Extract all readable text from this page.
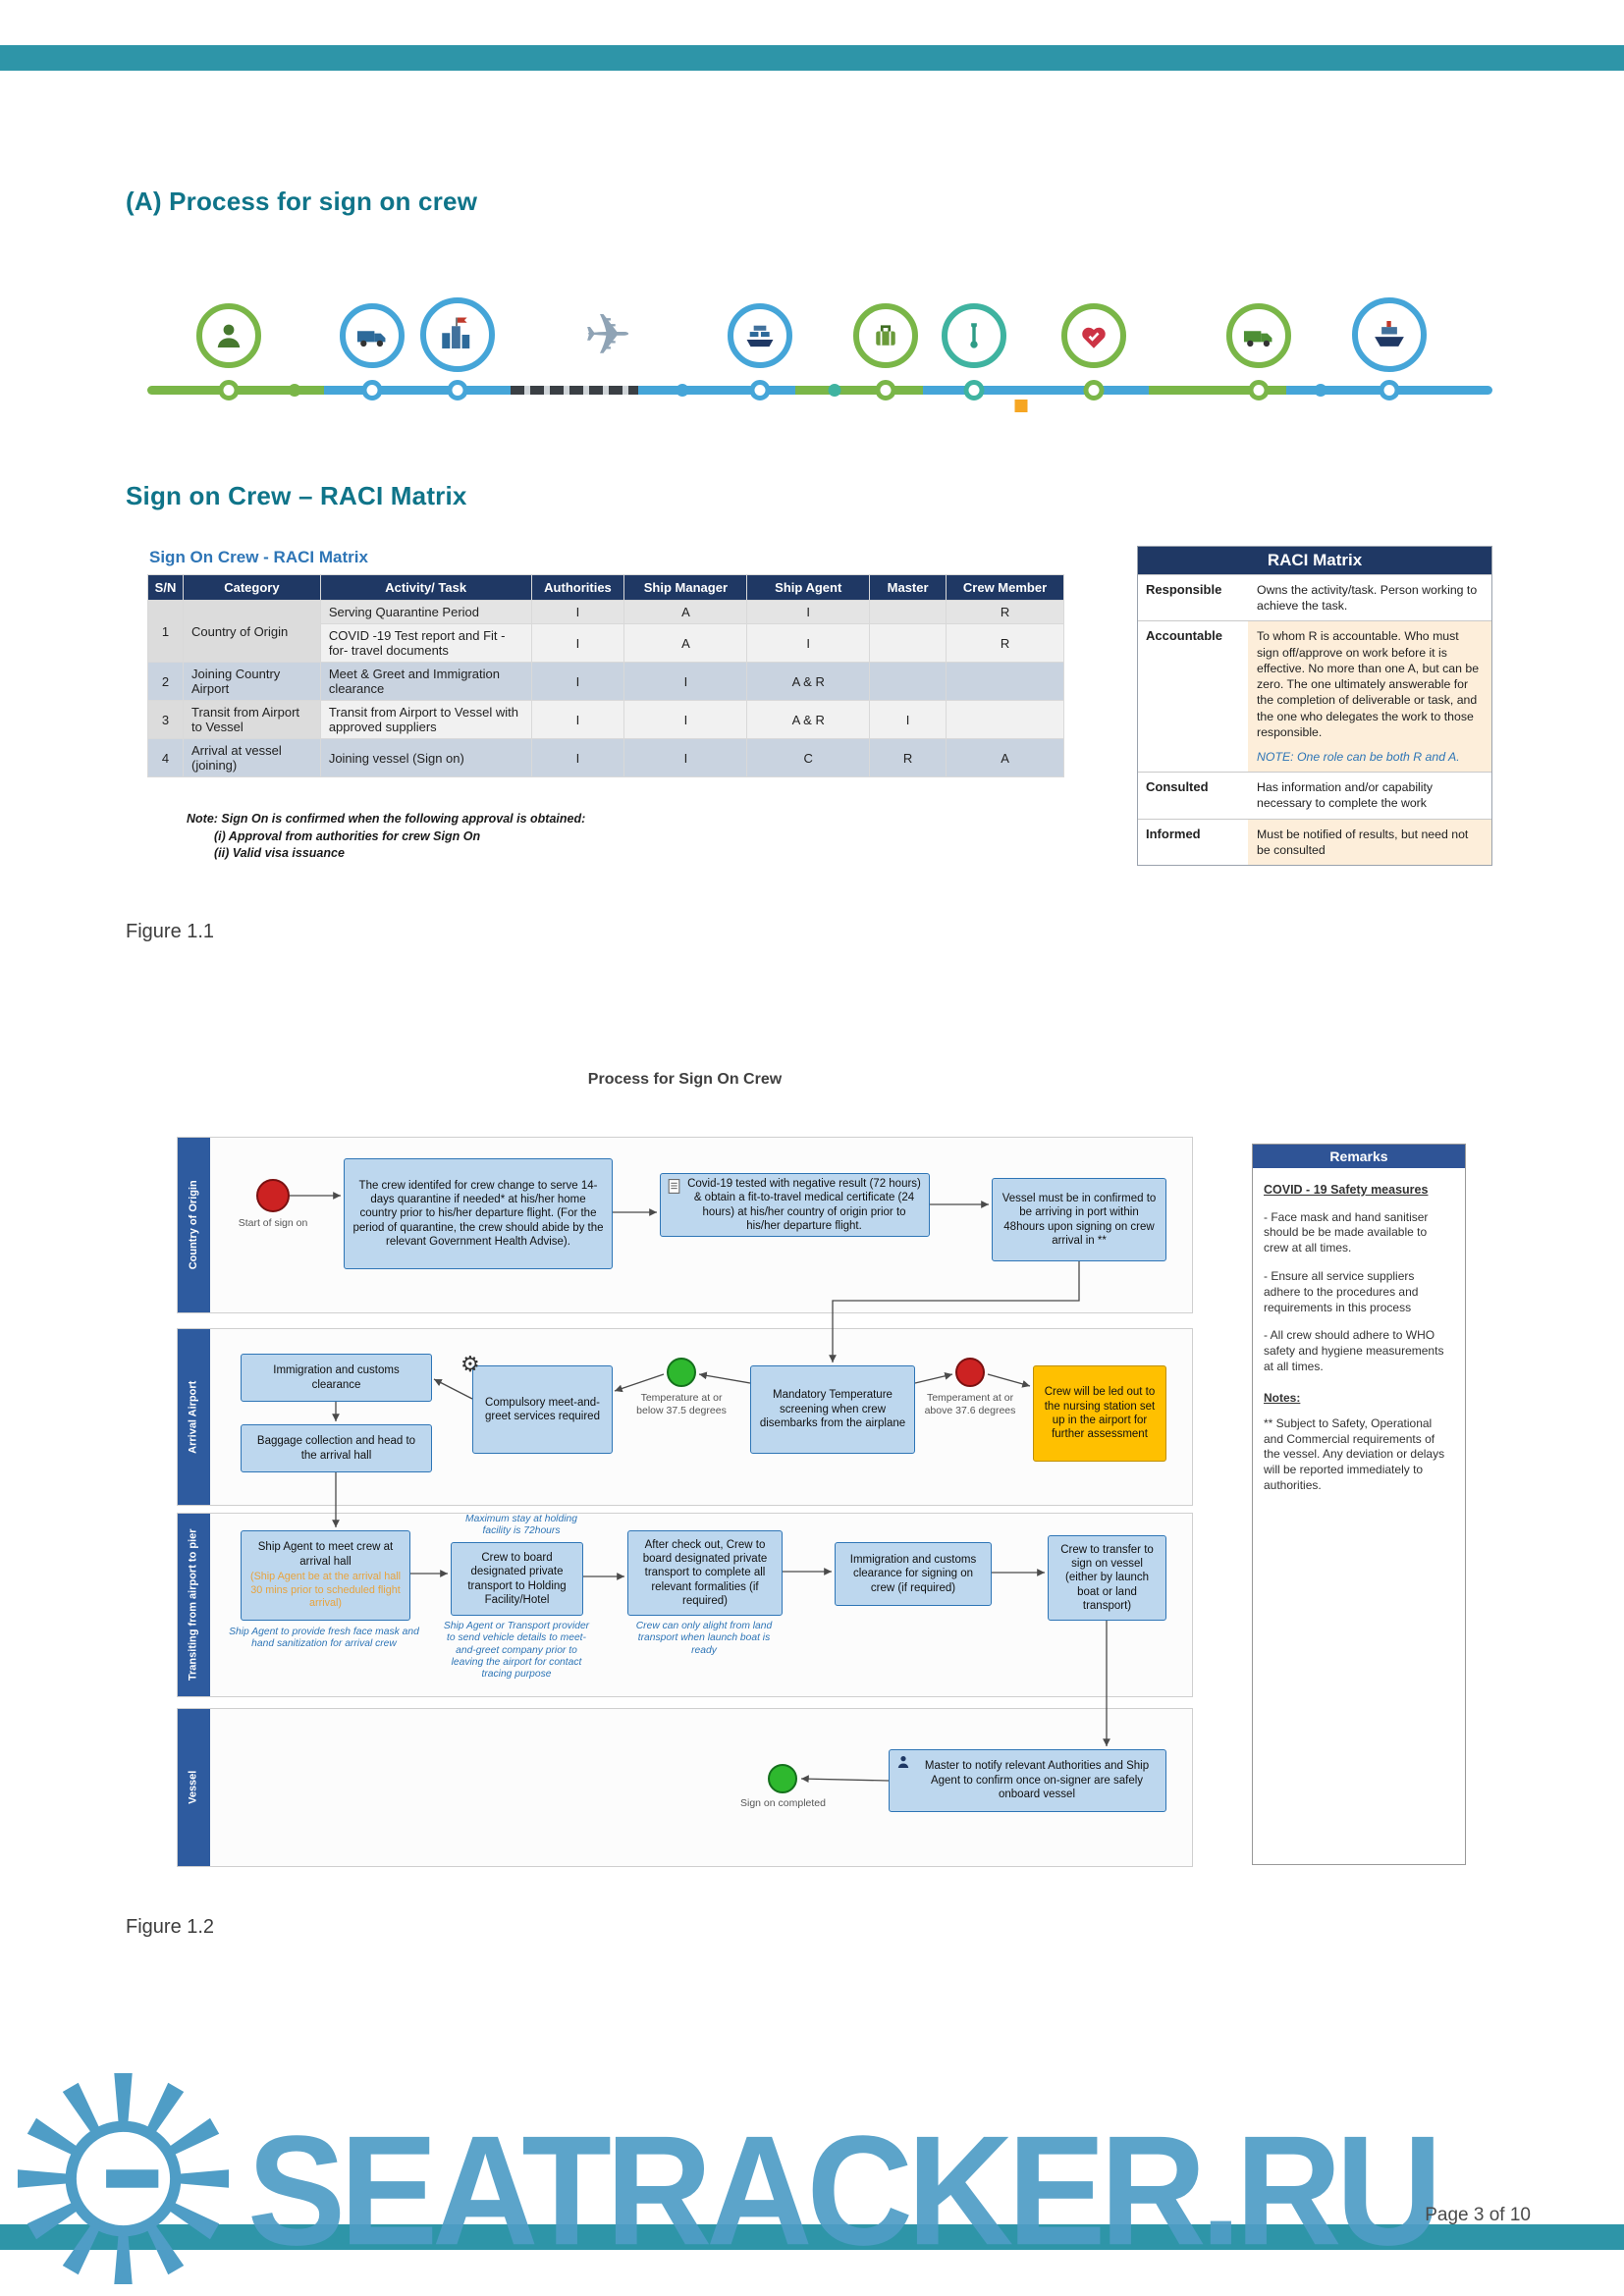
(A) Process for sign on crew
✈
Sign on Crew – RACI Matrix
Sign On Crew - RACI Matrix
S/N	Category	Activity/ Task	Authorities	Ship Manager	Ship Agent	Master	Crew Member
1	Country of Origin	Serving Quarantine Period	I	A	I		R
		COVID -19 Test report and Fit - for- travel documents	I	A	I		R
2	Joining Country Airport	Meet & Greet and Immigration clearance	I	I	A & R		
3	Transit from Airport to Vessel	Transit from Airport to Vessel with approved suppliers	I	I	A & R	I	
4	Arrival at vessel (joining)	Joining vessel (Sign on)	I	I	C	R	A
Note: Sign On is confirmed when the following approval is obtained:
(i) Approval from authorities for crew Sign On
(ii) Valid visa issuance
RACI Matrix
Responsible	Owns the activity/task. Person working to achieve the task.
Accountable	To whom R is accountable. Who must sign off/approve on work before it is effective. No more than one A, but can be zero. The one ultimately answerable for the completion of deliverable or task, and the one who delegates the work to those responsible.
NOTE: One role can be both R and A.
Consulted	Has information and/or capability necessary to complete the work
Informed	Must be notified of results, but need not be consulted
Figure 1.1
Process for Sign On Crew
Country of Origin
Arrival Airport
Transiting from airport to pier
Vessel
Start of sign on
The crew identifed for crew change to serve 14-days quarantine if needed* at his/her home country prior to his/her departure flight. (For the period of quarantine, the crew should abide by the relevant Government Health Advise).
Covid-19 tested with negative result (72 hours) & obtain a fit-to-travel medical certificate (24 hours) at his/her country of origin prior to his/her departure flight.
Vessel must be in confirmed to be arriving in port within 48hours upon signing on crew arrival in **
Immigration and customs clearance
Baggage collection and head to the arrival hall
⚙
Compulsory meet-and-greet services required
Temperature at or below 37.5 degrees
Mandatory Temperature screening when crew disembarks from the airplane
Temperament at or above 37.6 degrees
Crew will be led out to the nursing station set up in the airport for further assessment
Ship Agent to meet crew at arrival hall
(Ship Agent be at the arrival hall 30 mins prior to scheduled flight arrival)
Ship Agent to provide fresh face mask and hand sanitization for arrival crew
Maximum stay at holding facility is 72hours
Crew to board designated private transport to Holding Facility/Hotel
Ship Agent or Transport provider to send vehicle details to meet-and-greet company prior to leaving the airport for contact tracing purpose
After check out, Crew to board designated private transport to complete all relevant formalities (if required)
Crew can only alight from land transport when launch boat is ready
Immigration and customs clearance for signing on crew (if required)
Crew to transfer to sign on vessel (either by launch boat or land transport)
Sign on completed
Master to notify relevant Authorities and Ship Agent to confirm once on-signer are safely onboard vessel
Remarks
COVID - 19 Safety measures
- Face mask and hand sanitiser should be be made available to crew at all times.
- Ensure all service suppliers adhere to the procedures and requirements in this process
- All crew should adhere to WHO safety and hygiene measurements at all times.
Notes:
** Subject to Safety, Operational and Commercial requirements of the vessel. Any deviation or delays will be reported immediately to authorities.
Figure 1.2
SEATRACKER.RU
Page 3 of 10
